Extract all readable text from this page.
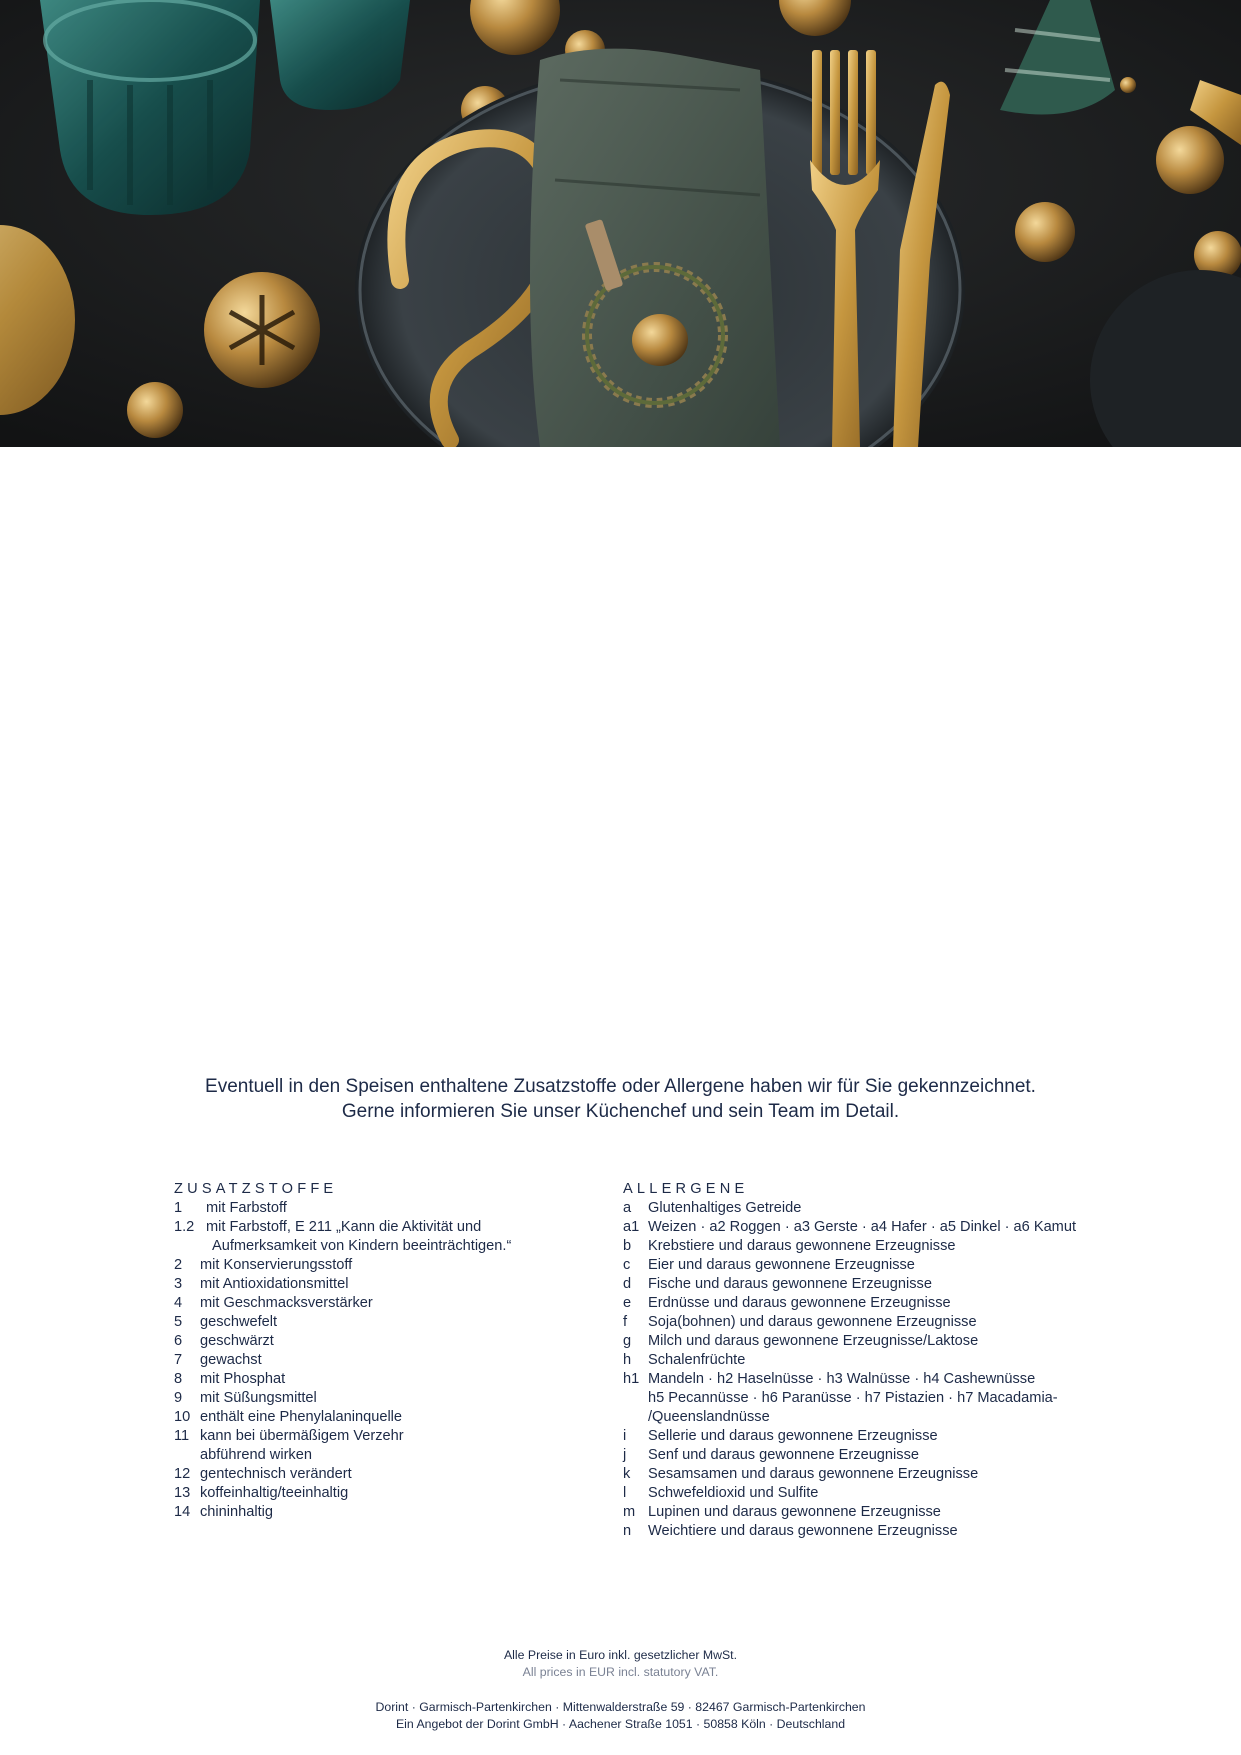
Eventuell in den Speisen enthaltene Zusatzstoffe oder Allergene haben wir für Sie gekennzeichnet.

Gerne informieren Sie unser Küchenchef und sein Team im Detail.

ZUSATZSTOFFE
1	mit Farbstoff
1.2 mit Farbstoff, E 211 „Kann die Aktivität und
Aufmerksamkeit von Kindern beeinträchtigen.“
2	mit Konservierungsstoff
3	mit Antioxidationsmittel
4	mit Geschmacksverstärker
5	geschwefelt
6	geschwärzt
7	gewachst
8	mit Phosphat
9	mit Süßungsmittel
10 enthält eine Phenylalaninquelle
11 kann bei übermäßigem Verzehr
abführend wirken
12 gentechnisch verändert
13 koffeinhaltig/teeinhaltig
14 chininhaltig
ALLERGENE
a	Glutenhaltiges Getreide
a1 Weizen · a2 Roggen · a3 Gerste · a4 Hafer · a5 Dinkel · a6 Kamut
b	Krebstiere und daraus gewonnene Erzeugnisse
c	Eier und daraus gewonnene Erzeugnisse
d	Fische und daraus gewonnene Erzeugnisse
e	Erdnüsse und daraus gewonnene Erzeugnisse
f	Soja(bohnen) und daraus gewonnene Erzeugnisse
g	Milch und daraus gewonnene Erzeugnisse/Laktose
h	Schalenfrüchte
h1 Mandeln · h2 Haselnüsse · h3 Walnüsse · h4 Cashewnüsse
h5 Pecannüsse · h6 Paranüsse · h7 Pistazien · h7 Macadamia-
/Queenslandnüsse
i	Sellerie und daraus gewonnene Erzeugnisse
j	Senf und daraus gewonnene Erzeugnisse
k	Sesamsamen und daraus gewonnene Erzeugnisse
l	Schwefeldioxid und Sulfite
m Lupinen und daraus gewonnene Erzeugnisse
n	Weichtiere und daraus gewonnene Erzeugnisse
Alle Preise in Euro inkl. gesetzlicher MwSt.
All prices in EUR incl. statutory VAT.
Dorint · Garmisch-Partenkirchen · Mittenwalderstraße 59 · 82467 Garmisch-Partenkirchen
Ein Angebot der Dorint GmbH · Aachener Straße 1051 · 50858 Köln · Deutschland
